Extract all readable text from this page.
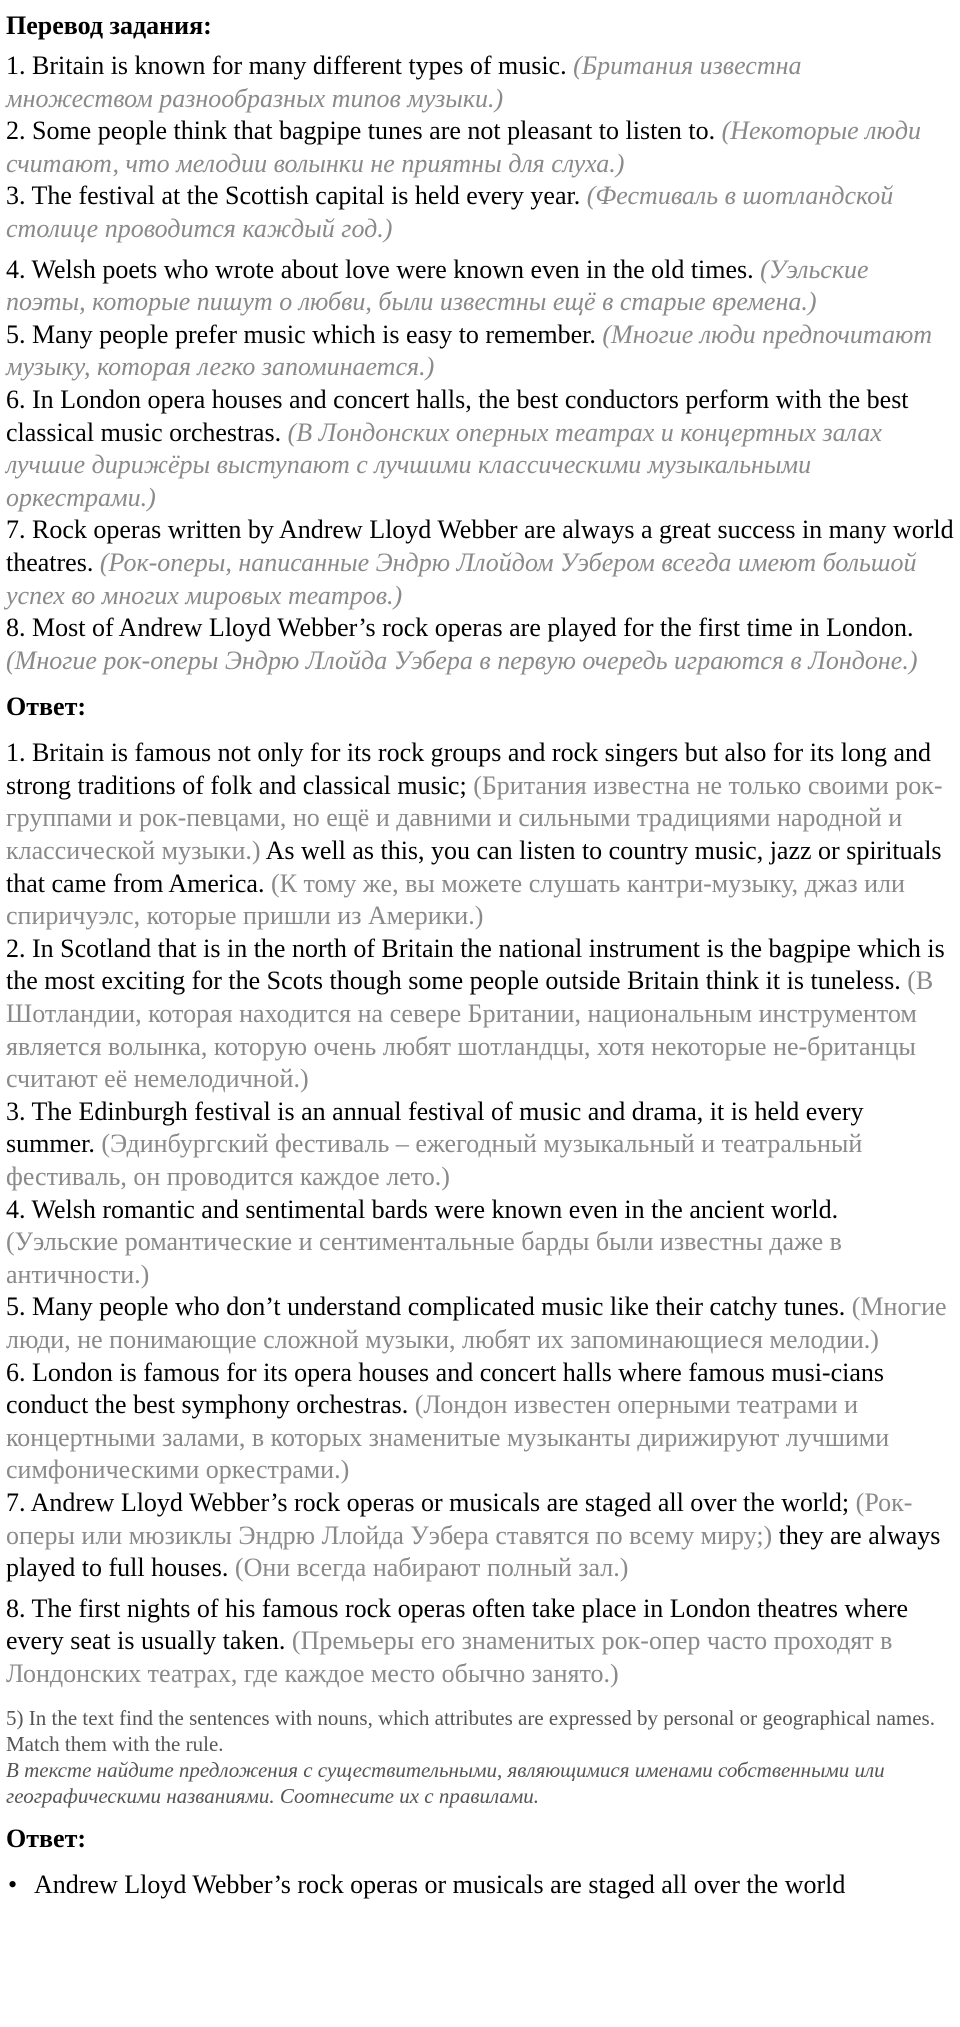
Перевод задания:

1. Britain is known for many different types of music. (Британия известна множеством разнообразных типов музыки.)

2. Some people think that bagpipe tunes are not pleasant to listen to. (Некоторые люди считают, что мелодии волынки не приятны для слуха.)

3. The festival at the Scottish capital is held every year. (Фестиваль в шотландской столице проводится каждый год.)

4. Welsh poets who wrote about love were known even in the old times. (Уэльские поэты, которые пишут о любви, были известны ещё в старые времена.)

5. Many people prefer music which is easy to remember. (Многие люди предпочитают музыку, которая легко запоминается.)

6. In London opera houses and concert halls, the best conductors perform with the best classical music orchestras. (В Лондонских оперных театрах и концертных залах лучшие дирижёры выступают с лучшими классическими музыкальными оркестрами.)

7. Rock operas written by Andrew Lloyd Webber are always a great success in many world theatres. (Рок-оперы, написанные Эндрю Ллойдом Уэбером всегда имеют большой успех во многих мировых театров.)

8. Most of Andrew Lloyd Webber’s rock operas are played for the first time in London. (Многие рок-оперы Эндрю Ллойда Уэбера в первую очередь играются в Лондоне.)

Ответ:

1. Britain is famous not only for its rock groups and rock singers but also for its long and strong traditions of folk and classical music; (Британия известна не только своими рок-группами и рок-певцами, но ещё и давними и сильными традициями народной и классической музыки.) As well as this, you can listen to country music, jazz or spirituals that came from America. (К тому же, вы можете слушать кантри-музыку, джаз или спиричуэлс, которые пришли из Америки.)

2. In Scotland that is in the north of Britain the national instrument is the bagpipe which is the most exciting for the Scots though some people outside Britain think it is tuneless. (В Шотландии, которая находится на севере Британии, национальным инструментом является волынка, которую очень любят шотландцы, хотя некоторые не-британцы считают её немелодичной.)

3. The Edinburgh festival is an annual festival of music and drama, it is held every summer. (Эдинбургский фестиваль – ежегодный музыкальный и театральный фестиваль, он проводится каждое лето.)

4. Welsh romantic and sentimental bards were known even in the ancient world. (Уэльские романтические и сентиментальные барды были известны даже в античности.)

5. Many people who don’t understand complicated music like their catchy tunes. (Многие люди, не понимающие сложной музыки, любят их запоминающиеся мелодии.)

6. London is famous for its opera houses and concert halls where famous musi-cians conduct the best symphony orchestras. (Лондон известен оперными театрами и концертными залами, в которых знаменитые музыканты дирижируют лучшими симфоническими оркестрами.)

7. Andrew Lloyd Webber’s rock operas or musicals are staged all over the world; (Рок-оперы или мюзиклы Эндрю Ллойда Уэбера ставятся по всему миру;) they are always played to full houses. (Они всегда набирают полный зал.)

8. The first nights of his famous rock operas often take place in London theatres where every seat is usually taken. (Премьеры его знаменитых рок-опер часто проходят в Лондонских театрах, где каждое место обычно занято.)

5) In the text find the sentences with nouns, which attributes are expressed by personal or geographical names. Match them with the rule.

В тексте найдите предложения с существительными, являющимися именами собственными или географическими названиями. Соотнесите их с правилами.

Ответ:

• Andrew Lloyd Webber’s rock operas or musicals are staged all over the world
